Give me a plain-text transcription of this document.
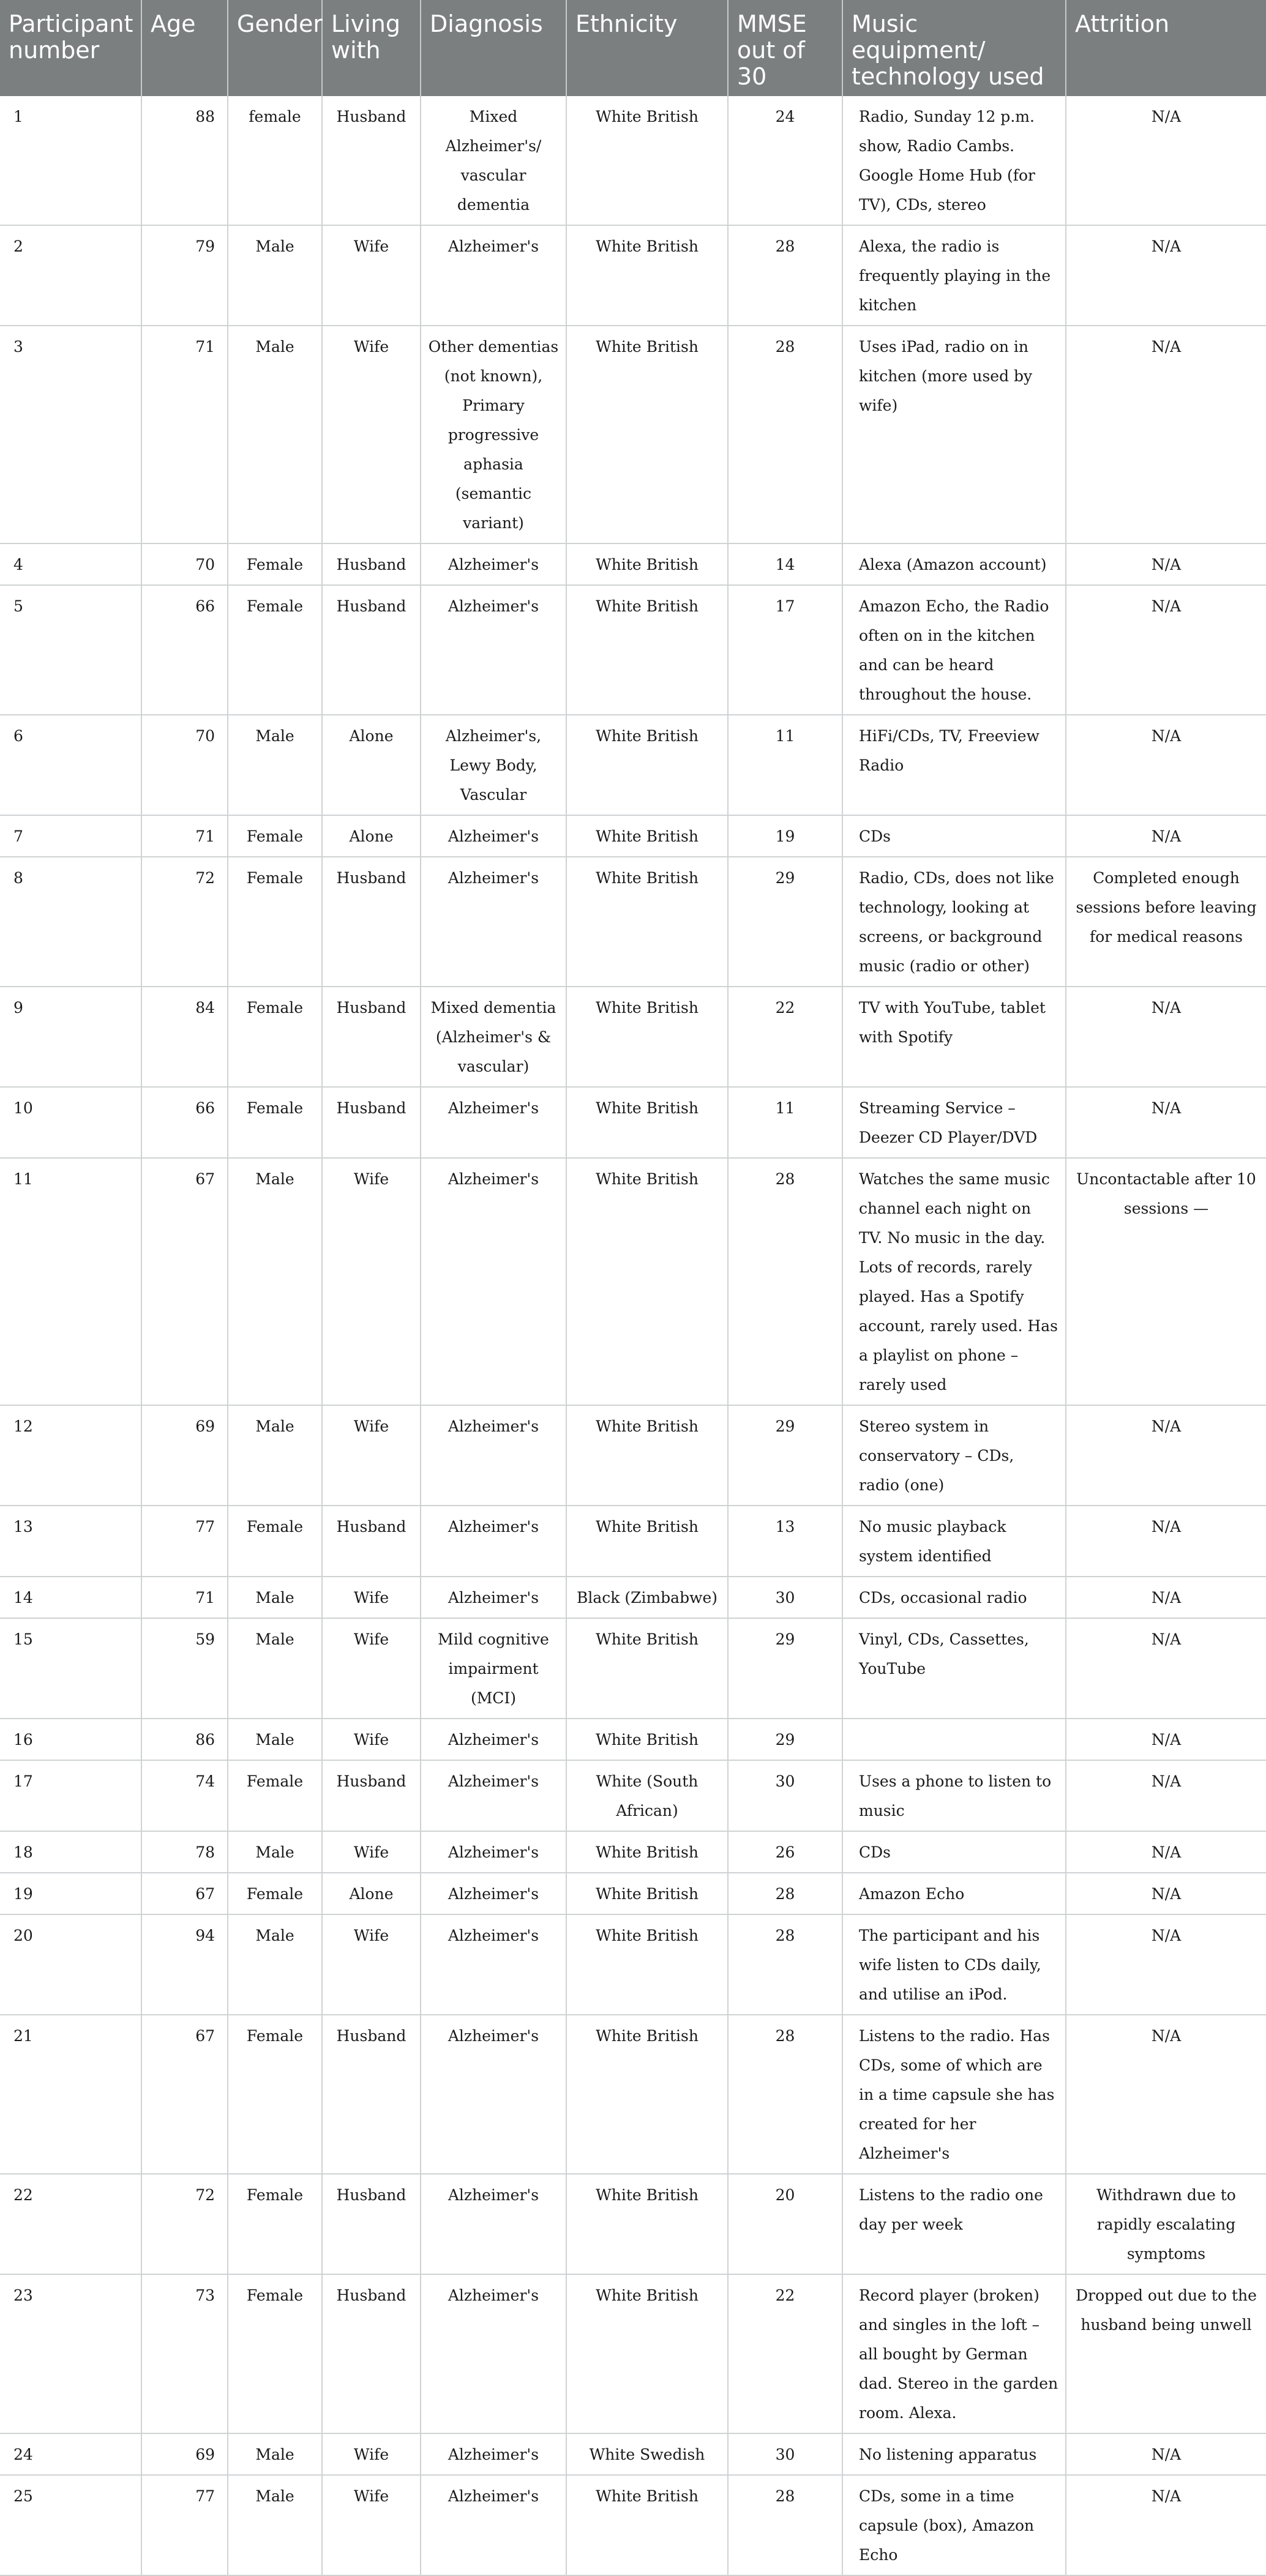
Participant number	Age	Gender	Living with	Diagnosis	Ethnicity	MMSE out of 30	Music equipment/ technology used	Attrition
1	88	female	Husband	Mixed Alzheimer's/ vascular dementia	White British	24	Radio, Sunday 12 p.m. show, Radio Cambs. Google Home Hub (for TV), CDs, stereo	N/A
2	79	Male	Wife	Alzheimer's	White British	28	Alexa, the radio is frequently playing in the kitchen	N/A
3	71	Male	Wife	Other dementias (not known), Primary progressive aphasia (semantic variant)	White British	28	Uses iPad, radio on in kitchen (more used by wife)	N/A
4	70	Female	Husband	Alzheimer's	White British	14	Alexa (Amazon account)	N/A
5	66	Female	Husband	Alzheimer's	White British	17	Amazon Echo, the Radio often on in the kitchen and can be heard throughout the house.	N/A
6	70	Male	Alone	Alzheimer's, Lewy Body, Vascular	White British	11	HiFi/CDs, TV, Freeview Radio	N/A
7	71	Female	Alone	Alzheimer's	White British	19	CDs	N/A
8	72	Female	Husband	Alzheimer's	White British	29	Radio, CDs, does not like technology, looking at screens, or background music (radio or other)	Completed enough sessions before leaving for medical reasons
9	84	Female	Husband	Mixed dementia (Alzheimer's & vascular)	White British	22	TV with YouTube, tablet with Spotify	N/A
10	66	Female	Husband	Alzheimer's	White British	11	Streaming Service – Deezer CD Player/DVD	N/A
11	67	Male	Wife	Alzheimer's	White British	28	Watches the same music channel each night on TV. No music in the day. Lots of records, rarely played. Has a Spotify account, rarely used. Has a playlist on phone – rarely used	Uncontactable after 10 sessions —
12	69	Male	Wife	Alzheimer's	White British	29	Stereo system in conservatory – CDs, radio (one)	N/A
13	77	Female	Husband	Alzheimer's	White British	13	No music playback system identified	N/A
14	71	Male	Wife	Alzheimer's	Black (Zimbabwe)	30	CDs, occasional radio	N/A
15	59	Male	Wife	Mild cognitive impairment (MCI)	White British	29	Vinyl, CDs, Cassettes, YouTube	N/A
16	86	Male	Wife	Alzheimer's	White British	29		N/A
17	74	Female	Husband	Alzheimer's	White (South African)	30	Uses a phone to listen to music	N/A
18	78	Male	Wife	Alzheimer's	White British	26	CDs	N/A
19	67	Female	Alone	Alzheimer's	White British	28	Amazon Echo	N/A
20	94	Male	Wife	Alzheimer's	White British	28	The participant and his wife listen to CDs daily, and utilise an iPod.	N/A
21	67	Female	Husband	Alzheimer's	White British	28	Listens to the radio. Has CDs, some of which are in a time capsule she has created for her Alzheimer's	N/A
22	72	Female	Husband	Alzheimer's	White British	20	Listens to the radio one day per week	Withdrawn due to rapidly escalating symptoms
23	73	Female	Husband	Alzheimer's	White British	22	Record player (broken) and singles in the loft – all bought by German dad. Stereo in the garden room. Alexa.	Dropped out due to the husband being unwell
24	69	Male	Wife	Alzheimer's	White Swedish	30	No listening apparatus	N/A
25	77	Male	Wife	Alzheimer's	White British	28	CDs, some in a time capsule (box), Amazon Echo	N/A
